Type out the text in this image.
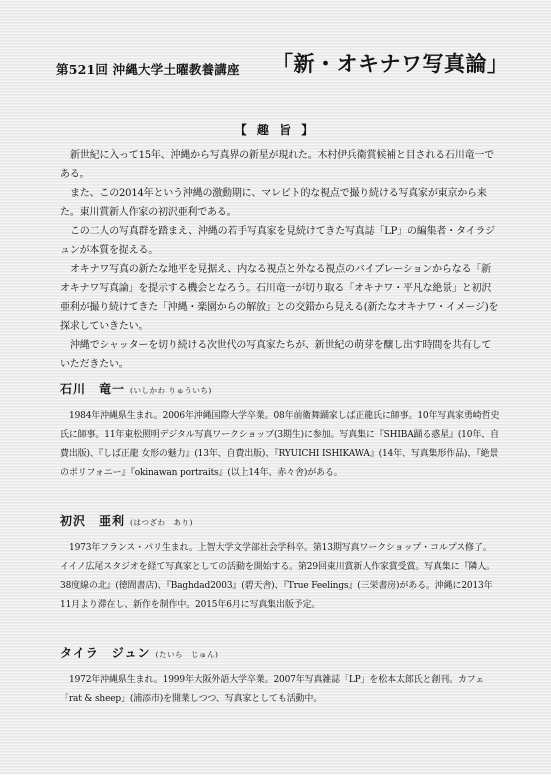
第521回 沖縄大学土曜教養講座 「新・オキナワ写真論」
【 趣 旨 】

新世紀に入って15年、沖縄から写真界の新星が現れた。木村伊兵衛賞候補と目される石川竜一である。

また、この2014年という沖縄の激動期に、マレビト的な視点で撮り続ける写真家が東京から来た。東川賞新人作家の初沢亜利である。

この二人の写真群を踏まえ、沖縄の若手写真家を見続けてきた写真誌「LP」の編集者・タイラジュンが本質を捉える。

オキナワ写真の新たな地平を見据え、内なる視点と外なる視点のバイブレーションからなる「新オキナワ写真論」を提示する機会となろう。石川竜一が切り取る「オキナワ・平凡な絶景」と初沢亜利が撮り続けてきた「沖縄・楽園からの解放」との交錯から見える(新たなオキナワ・イメージ)を探求していきたい。

沖縄でシャッターを切り続ける次世代の写真家たちが、新世紀の萌芽を醸し出す時間を共有していただきたい。

石川　竜一 (いしかわ りゅういち)

1984年沖縄県生まれ。2006年沖縄国際大学卒業。08年前衛舞踊家しば正龍氏に師事。10年写真家勇崎哲史氏に師事。11年東松照明デジタル写真ワークショップ(3期生)に参加。写真集に『SHIBA踊る惑星』(10年、自費出版)、『しば正龍 女形の魅力』(13年、自費出版)、『RYUICHI ISHIKAWA』(14年、写真集形作品)、『絶景のポリフォニー』『okinawan portraits』(以上14年、赤々舎)がある。

初沢　亜利 (はつざわ　あり)

1973年フランス・パリ生まれ。上智大学文学部社会学科卒。第13期写真ワークショップ・コルプス修了。イイノ広尾スタジオを経て写真家としての活動を開始する。第29回東川賞新人作家賞受賞。写真集に『隣人。38度線の北』(徳間書店)、『Baghdad2003』(碧天舎)、『True Feelings』(三栄書房)がある。沖縄に2013年11月より滞在し、新作を制作中。2015年6月に写真集出版予定。

タイラ　ジュン (たいら　じゅん)

1972年沖縄県生まれ。1999年大阪外語大学卒業。2007年写真雑誌「LP」を松本太郎氏と創刊。カフェ「rat & sheep」(浦添市)を開業しつつ、写真家としても活動中。
